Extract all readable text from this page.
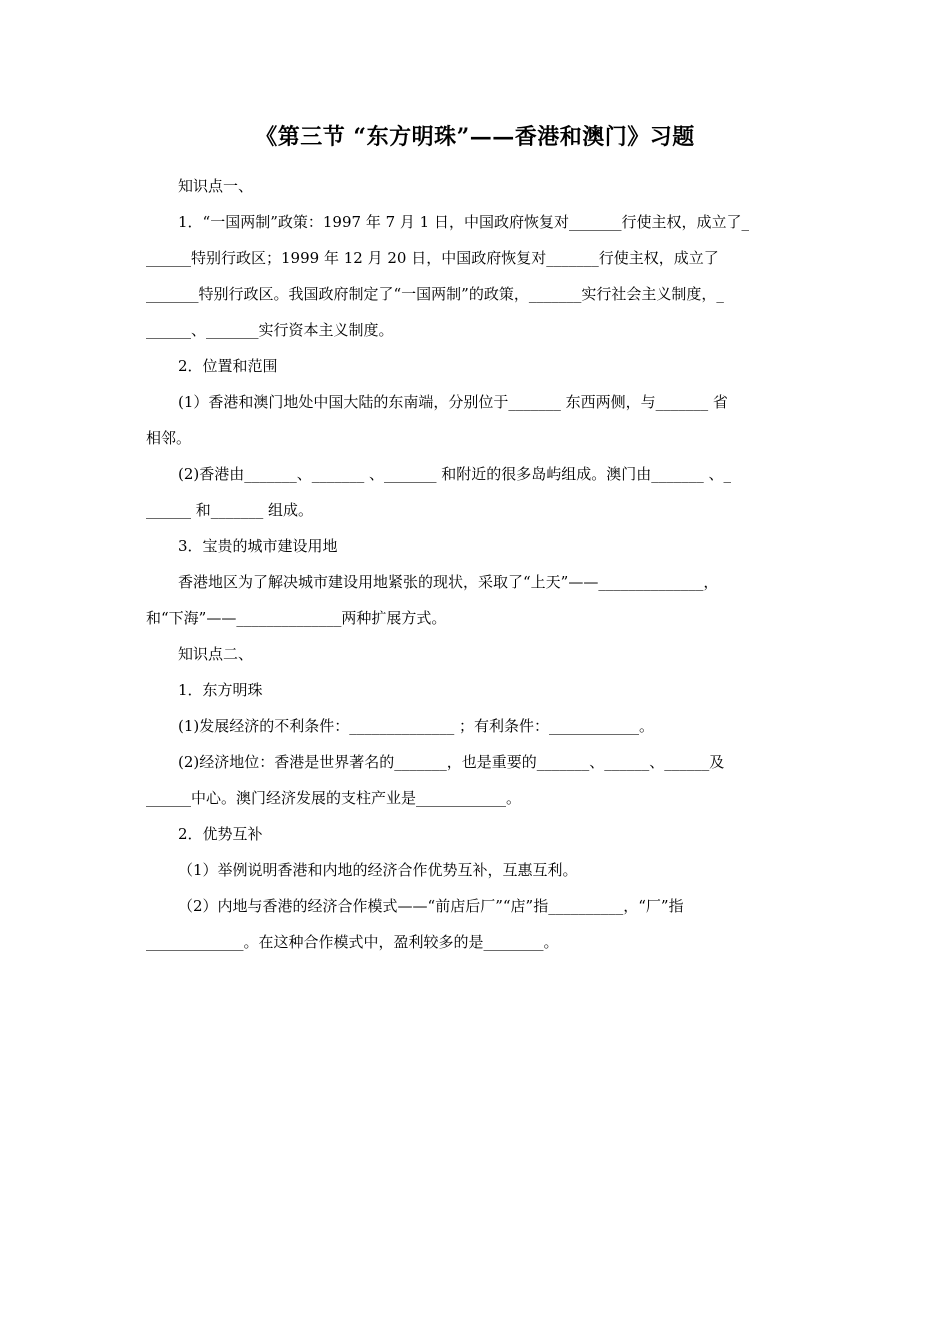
《第三节 “东方明珠”——香港和澳门》习题
知识点一、
1．“一国两制”政策：1997 年 7 月 1 日，中国政府恢复对_______行使主权，成立了_
______特别行政区；1999 年 12 月 20 日，中国政府恢复对_______行使主权，成立了
_______特别行政区。我国政府制定了“一国两制”的政策，_______实行社会主义制度，_
______、_______实行资本主义制度。
2．位置和范围
(1）香港和澳门地处中国大陆的东南端，分别位于_______ 东西两侧，与_______ 省
相邻。
(2)香港由_______、_______ 、_______ 和附近的很多岛屿组成。澳门由_______ 、_
______ 和_______ 组成。
3．宝贵的城市建设用地
香港地区为了解决城市建设用地紧张的现状，采取了“上天”——______________，
和“下海”——______________两种扩展方式。
知识点二、
1．东方明珠
(1)发展经济的不利条件：______________ ；有利条件：____________。
(2)经济地位：香港是世界著名的_______，也是重要的_______、______、______及
______中心。澳门经济发展的支柱产业是____________。
2．优势互补
（1）举例说明香港和内地的经济合作优势互补，互惠互利。
（2）内地与香港的经济合作模式——“前店后厂”“店”指__________，“厂”指
_____________。在这种合作模式中，盈利较多的是________。
